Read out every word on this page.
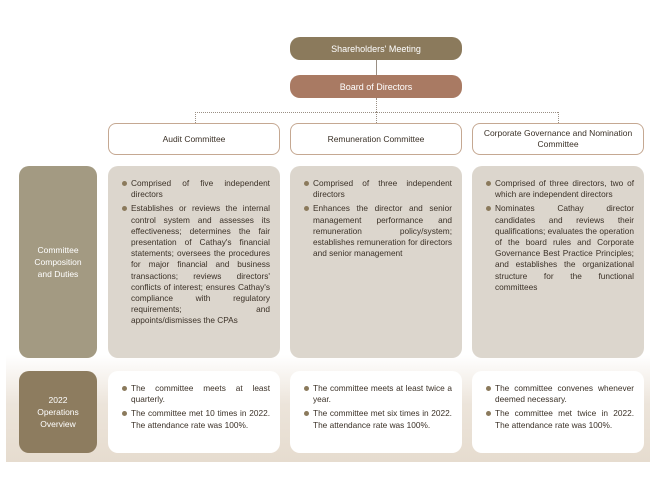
Shareholders' Meeting
Board of Directors
Audit Committee	Remuneration Committee
Corporate Governance and Nomination Committee
Committee Composition and Duties
2022 Operations Overview
Comprised of five independent directors
Establishes or reviews the internal control system and assesses its effectiveness; determines the fair presentation of Cathay's financial statements; oversees the procedures for major financial and business transactions; reviews directors' conflicts of interest; ensures Cathay's compliance with regulatory requirements; and appoints/dismisses the CPAs
Comprised of three independent directors
Enhances the director and senior management performance and remuneration policy/system; establishes remuneration for directors and senior management
Comprised of three directors, two of which are independent directors
Nominates Cathay director candidates and reviews their qualifications; evaluates the operation of the board rules and Corporate Governance Best Practice Principles; and establishes the organizational structure for the functional committees
The committee meets at least quarterly.
The committee met 10 times in 2022. The attendance rate was 100%.
The committee meets at least twice a year.
The committee met six times in 2022. The attendance rate was 100%.
The committee convenes whenever deemed necessary.
The committee met twice in 2022. The attendance rate was 100%.
